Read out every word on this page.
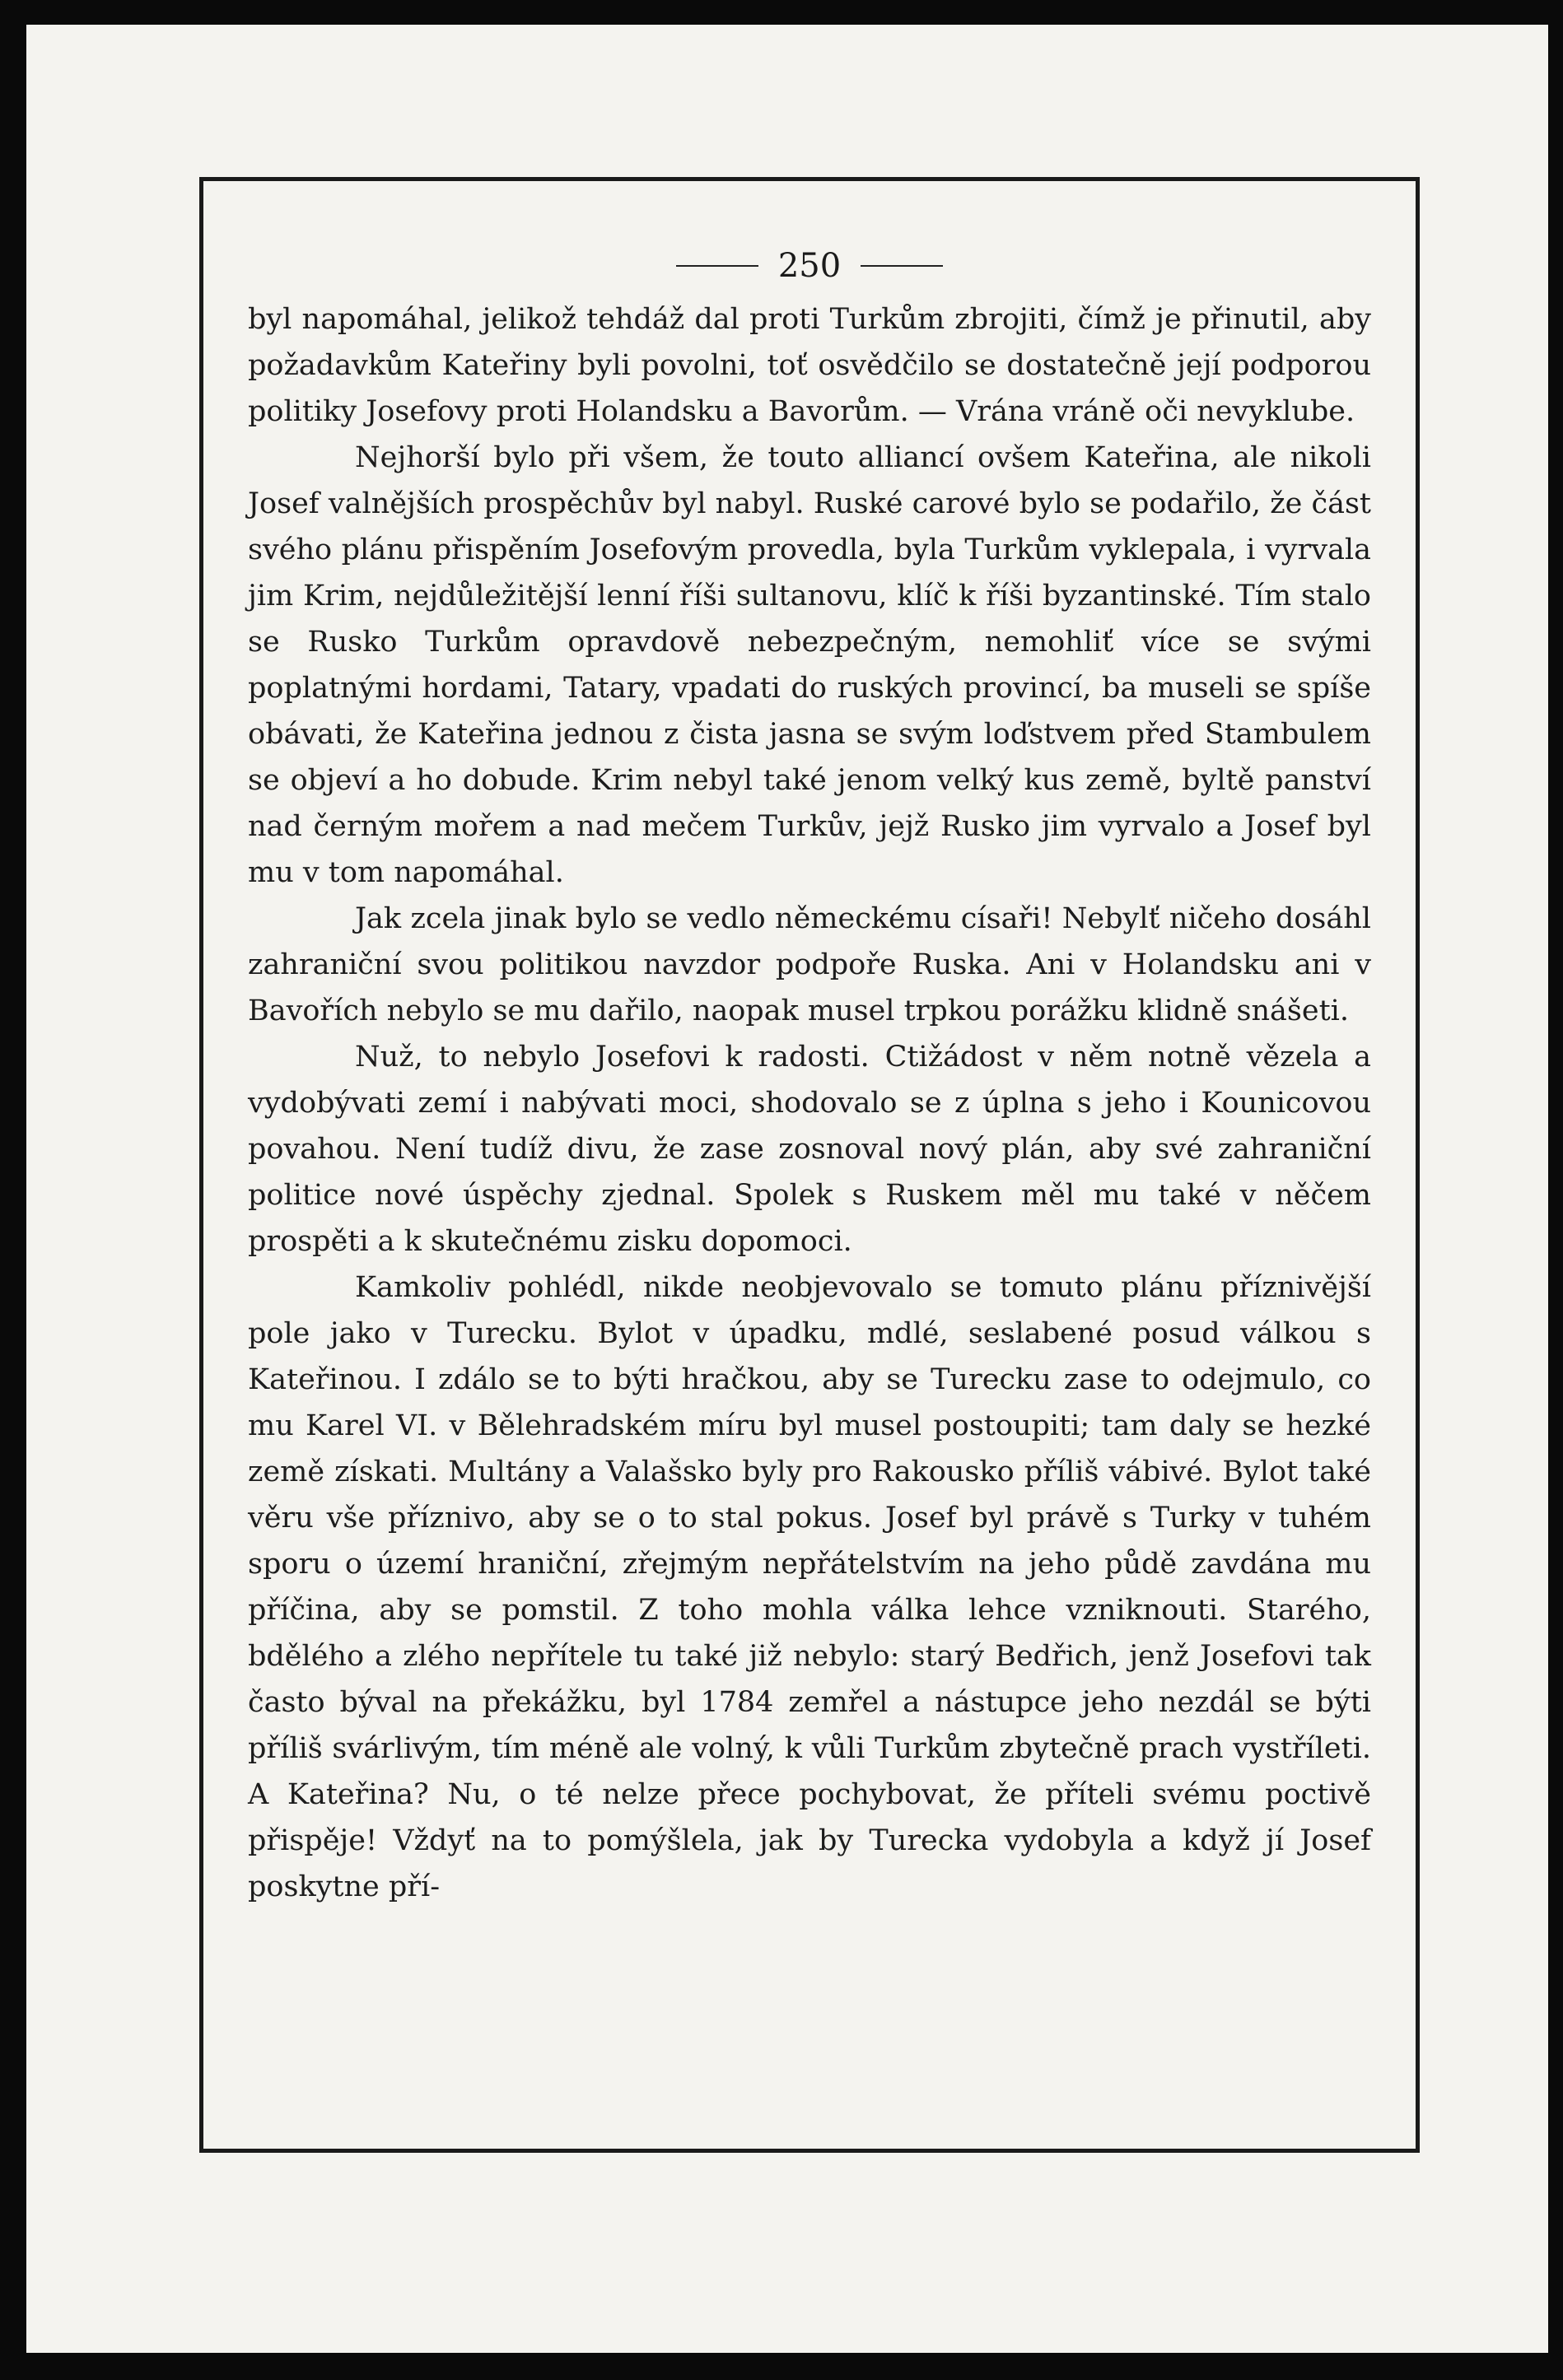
250

byl napomáhal, jelikož tehdáž dal proti Turkům zbrojiti, čímž je přinutil, aby požadavkům Kateřiny byli povolni, toť osvědčilo se dostatečně její podporou politiky Josefovy proti Holandsku a Bavorům. — Vrána vráně oči nevyklube.

Nejhorší bylo při všem, že touto alliancí ovšem Kateřina, ale nikoli Josef valnějších prospěchův byl nabyl. Ruské carové bylo se podařilo, že část svého plánu přispěním Josefovým provedla, byla Turkům vyklepala, i vyrvala jim Krim, nejdůležitější lenní říši sultanovu, klíč k říši byzantinské. Tím stalo se Rusko Turkům opravdově nebezpečným, nemohliť více se svými poplatnými hordami, Tatary, vpadati do ruských provincí, ba museli se spíše obávati, že Kateřina jednou z čista jasna se svým loďstvem před Stambulem se objeví a ho dobude. Krim nebyl také jenom velký kus země, byltě panství nad černým mořem a nad mečem Turkův, jejž Rusko jim vyrvalo a Josef byl mu v tom napomáhal.

Jak zcela jinak bylo se vedlo německému císaři! Nebylť ničeho dosáhl zahraniční svou politikou navzdor podpoře Ruska. Ani v Holandsku ani v Bavořích nebylo se mu dařilo, naopak musel trpkou porážku klidně snášeti.

Nuž, to nebylo Josefovi k radosti. Ctižádost v něm notně vězela a vydobývati zemí i nabývati moci, shodovalo se z úplna s jeho i Kounicovou povahou. Není tudíž divu, že zase zosnoval nový plán, aby své zahraniční politice nové úspěchy zjednal. Spolek s Ruskem měl mu také v něčem prospěti a k skutečnému zisku dopomoci.

Kamkoliv pohlédl, nikde neobjevovalo se tomuto plánu příznivější pole jako v Turecku. Bylot v úpadku, mdlé, seslabené posud válkou s Kateřinou. I zdálo se to býti hračkou, aby se Turecku zase to odejmulo, co mu Karel VI. v Bělehradském míru byl musel postoupiti; tam daly se hezké země získati. Multány a Valašsko byly pro Rakousko příliš vábivé. Bylot také věru vše příznivo, aby se o to stal pokus. Josef byl právě s Turky v tuhém sporu o území hraniční, zřejmým nepřátelstvím na jeho půdě zavdána mu příčina, aby se pomstil. Z toho mohla válka lehce vzniknouti. Starého, bdělého a zlého nepřítele tu také již nebylo: starý Bedřich, jenž Josefovi tak často býval na překážku, byl 1784 zemřel a nástupce jeho nezdál se býti příliš svárlivým, tím méně ale volný, k vůli Turkům zbytečně prach vystříleti. A Kateřina? Nu, o té nelze přece pochybovat, že příteli svému poctivě přispěje! Vždyť na to pomýšlela, jak by Turecka vydobyla a když jí Josef poskytne pří-
